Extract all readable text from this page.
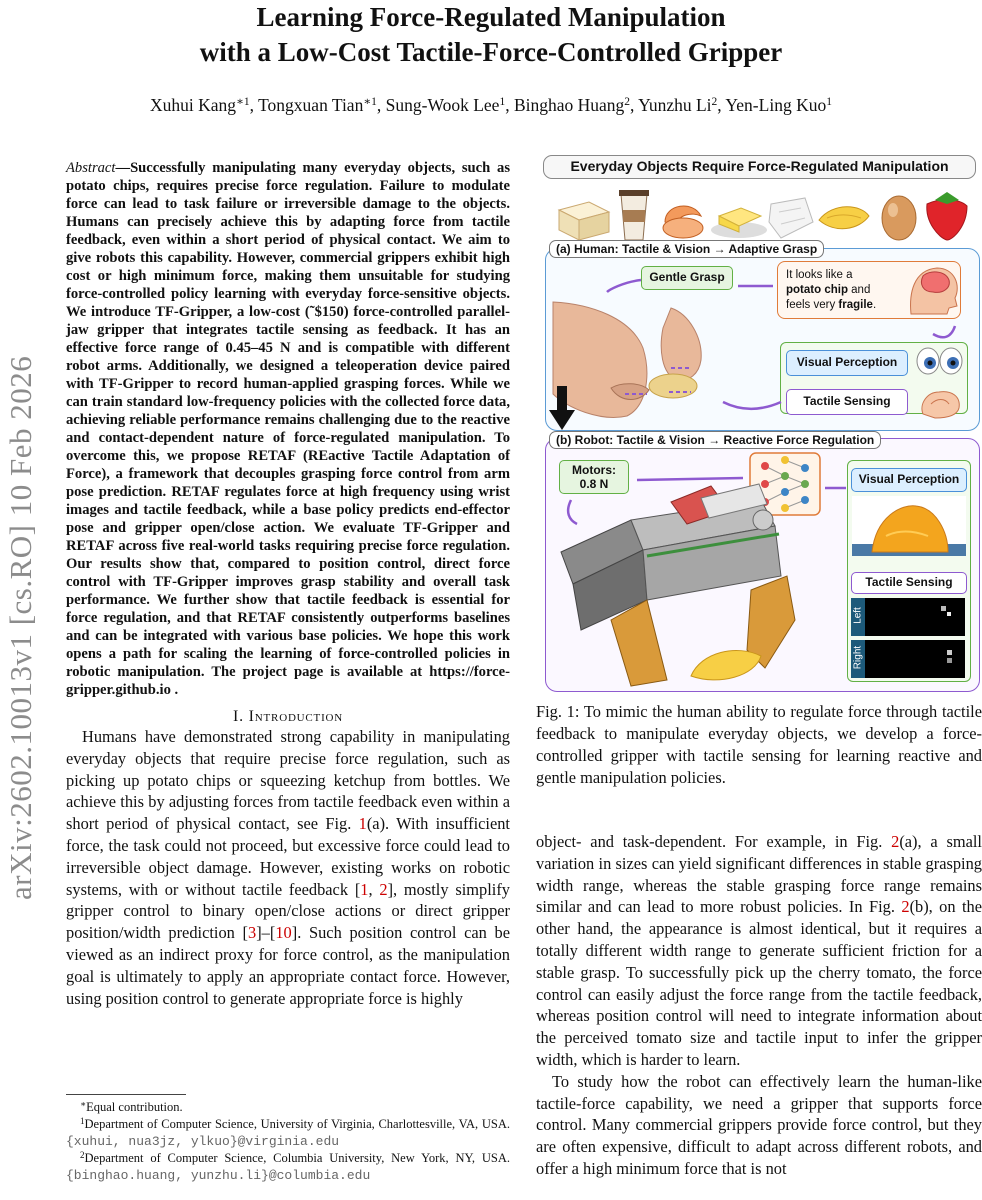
arXiv:2602.10013v1 [cs.RO] 10 Feb 2026
Learning Force-Regulated Manipulation
with a Low-Cost Tactile-Force-Controlled Gripper
Xuhui Kang$^{∗1}$, Tongxuan Tian$^{∗1}$, Sung-Wook Lee$^1$, Binghao Huang$^2$, Yunzhu Li$^2$, Yen-Ling Kuo$^1$
Abstract—Successfully manipulating many everyday objects, such as potato chips, requires precise force regulation. Failure to modulate force can lead to task failure or irreversible damage to the objects. Humans can precisely achieve this by adapting force from tactile feedback, even within a short period of physical contact. We aim to give robots this capability. However, commercial grippers exhibit high cost or high minimum force, making them unsuitable for studying force-controlled policy learning with everyday force-sensitive objects. We introduce TF-Gripper, a low-cost (˜$150) force-controlled parallel-jaw gripper that integrates tactile sensing as feedback. It has an effective force range of 0.45–45 N and is compatible with different robot arms. Additionally, we designed a teleoperation device paired with TF-Gripper to record human-applied grasping forces. While we can train standard low-frequency policies with the collected force data, achieving reliable performance remains challenging due to the reactive and contact-dependent nature of force-regulated manipulation. To overcome this, we propose RETAF (REactive Tactile Adaptation of Force), a framework that decouples grasping force control from arm pose prediction. RETAF regulates force at high frequency using wrist images and tactile feedback, while a base policy predicts end-effector pose and gripper open/close action. We evaluate TF-Gripper and RETAF across five real-world tasks requiring precise force regulation. Our results show that, compared to position control, direct force control with TF-Gripper improves grasp stability and overall task performance. We further show that tactile feedback is essential for force regulation, and that RETAF consistently outperforms baselines and can be integrated with various base policies. We hope this work opens a path for scaling the learning of force-controlled policies in robotic manipulation. The project page is available at https://force-gripper.github.io .
I. Introduction

Humans have demonstrated strong capability in manipulating everyday objects that require precise force regulation, such as picking up potato chips or squeezing ketchup from bottles. We achieve this by adjusting forces from tactile feedback even within a short period of physical contact, see Fig. 1(a). With insufficient force, the task could not proceed, but excessive force could lead to irreversible object damage. However, existing works on robotic systems, with or without tactile feedback [1, 2], mostly simplify gripper control to binary open/close actions or direct gripper position/width prediction [3]–[10]. Such position control can be viewed as an indirect proxy for force control, as the manipulation goal is ultimately to apply an appropriate contact force. However, using position control to generate appropriate force is highly

∗Equal contribution.
$^1$Department of Computer Science, University of Virginia, Charlottesville, VA, USA. {xuhui, nua3jz, ylkuo}@virginia.edu
$^2$Department of Computer Science, Columbia University, New York, NY, USA. {binghao.huang, yunzhu.li}@columbia.edu
Everyday Objects Require Force-Regulated Manipulation
(a) Human: Tactile & Vision → Adaptive Grasp
Gentle Grasp	It looks like a
potato chip and
feels very fragile.
Visual Perception
Tactile Sensing
(b) Robot: Tactile & Vision → Reactive Force Regulation
Motors:
0.8 N	Visual Perception
Tactile Sensing
Left
Right
Fig. 1: To mimic the human ability to regulate force through tactile feedback to manipulate everyday objects, we develop a force-controlled gripper with tactile sensing for learning reactive and gentle manipulation policies.

object- and task-dependent. For example, in Fig. 2(a), a small variation in sizes can yield significant differences in stable grasping width range, whereas the stable grasping force range remains similar and can lead to more robust policies. In Fig. 2(b), on the other hand, the appearance is almost identical, but it requires a totally different width range to generate sufficient friction for a stable grasp. To successfully pick up the cherry tomato, the force control can easily adjust the force range from the tactile feedback, whereas position control will need to integrate information about the perceived tomato size and tactile input to infer the gripper width, which is harder to learn.

To study how the robot can effectively learn the human-like tactile-force capability, we need a gripper that supports force control. Many commercial grippers provide force control, but they are often expensive, difficult to adapt across different robots, and offer a high minimum force that is not
